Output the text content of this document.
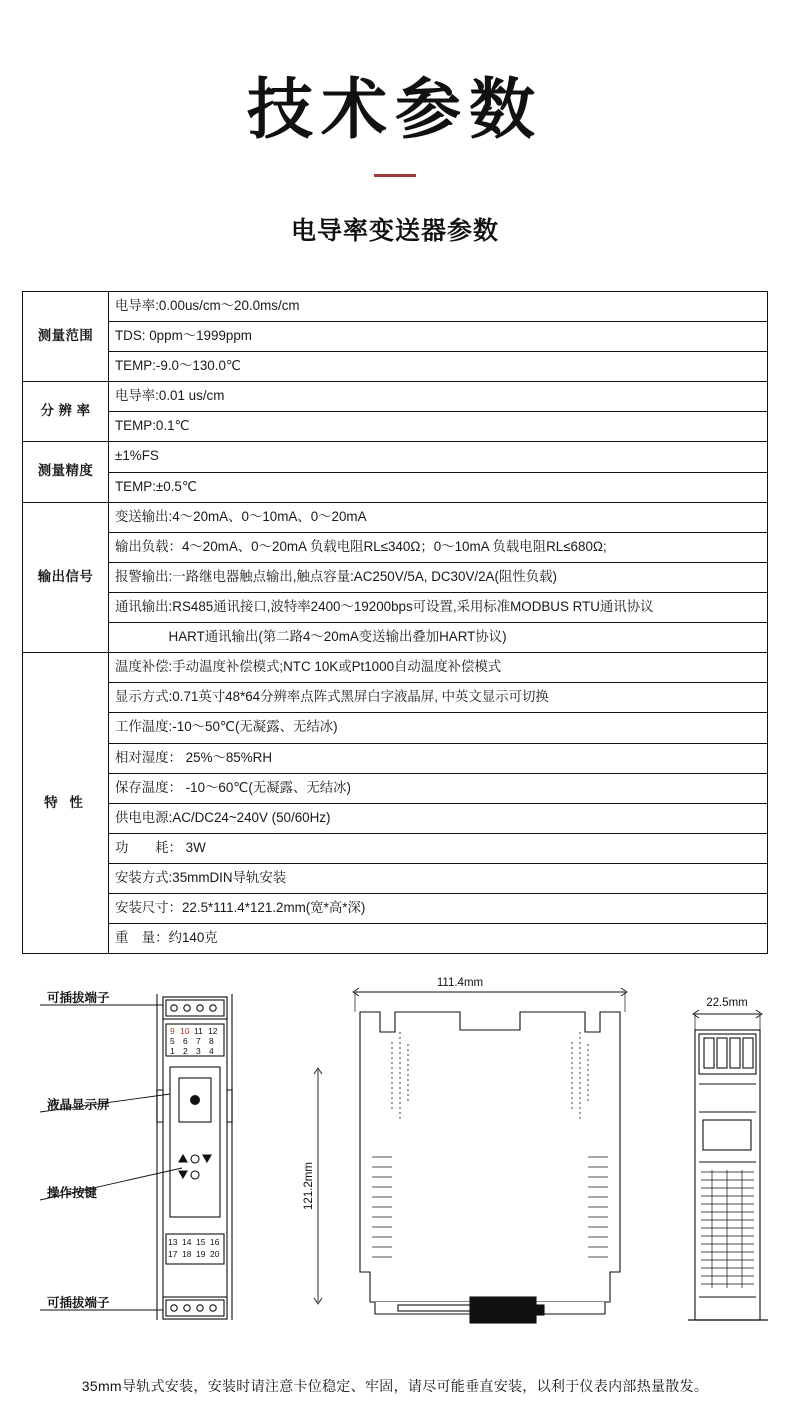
技术参数
电导率变送器参数
测量范围	电导率:0.00us/cm～20.0ms/cm
	TDS: 0ppm～1999ppm
	TEMP:-9.0～130.0℃
分 辨 率	电导率:0.01 us/cm
	TEMP:0.1℃
测量精度	±1%FS
	TEMP:±0.5℃
输出信号	变送输出:4～20mA、0～10mA、0～20mA
	输出负载：4～20mA、0～20mA 负载电阻RL≤340Ω；0～10mA 负载电阻RL≤680Ω;
	报警输出:一路继电器触点输出,触点容量:AC250V/5A, DC30V/2A(阻性负载)
	通讯输出:RS485通讯接口,波特率2400～19200bps可设置,采用标准MODBUS RTU通讯协议
	　　　　HART通讯输出(第二路4～20mA变送输出叠加HART协议)
特 性	温度补偿:手动温度补偿模式;NTC 10K或Pt1000自动温度补偿模式
	显示方式:0.71英寸48*64分辨率点阵式黑屏白字液晶屏, 中英文显示可切换
	工作温度:-10～50℃(无凝露、无结冰)
	相对湿度： 25%～85%RH
	保存温度： -10～60℃(无凝露、无结冰)
	供电电源:AC/DC24~240V (50/60Hz)
	功　　耗： 3W
	安装方式:35mmDIN导轨安装
	安装尺寸：22.5*111.4*121.2mm(宽*高*深)
	重　量：约140克
9 10 11 12
5 6 7 8
1 2 3 4
13 14 15 16
17 18 19 20
可插拔端子
液晶显示屏
操作按键
可插拔端子
111.4mm
22.5mm
121.2mm
35mm导轨式安装，安装时请注意卡位稳定、牢固，请尽可能垂直安装，以利于仪表内部热量散发。
